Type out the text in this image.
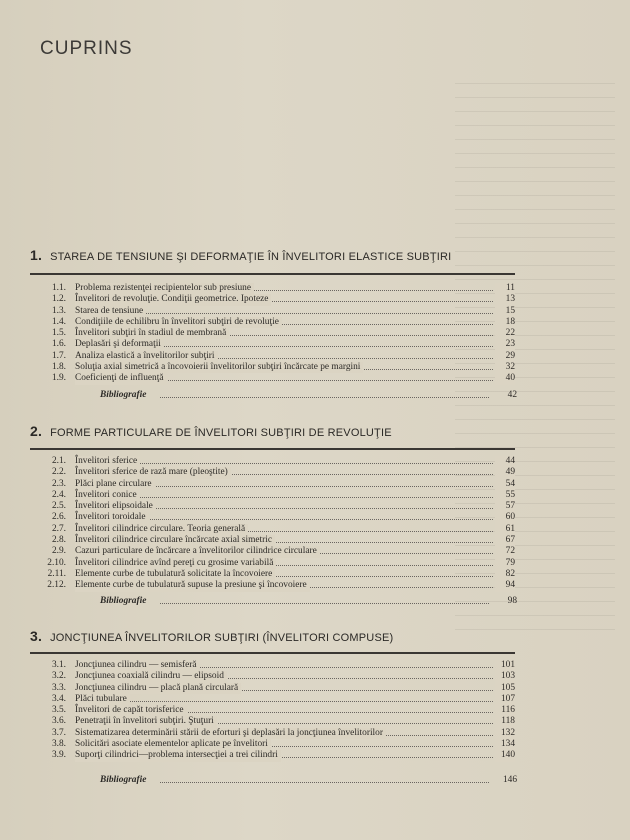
CUPRINS
1. STAREA DE TENSIUNE ŞI DEFORMAŢIE ÎN ÎNVELITORI ELASTICE SUBŢIRI
1.1. Problema rezistenţei recipientelor sub presiune	11
1.2. Învelitori de revoluţie. Condiţii geometrice. Ipoteze	13
1.3. Starea de tensiune	15
1.4. Condiţiile de echilibru în învelitori subţiri de revoluţie	18
1.5. Învelitori subţiri în stadiul de membrană	22
1.6. Deplasări şi deformaţii	23
1.7. Analiza elastică a învelitorilor subţiri	29
1.8. Soluţia axial simetrică a încovoierii învelitorilor subţiri încărcate pe margini	32
1.9. Coeficienţi de influenţă	40
Bibliografie	42
2. FORME PARTICULARE DE ÎNVELITORI SUBŢIRI DE REVOLUŢIE
2.1. Învelitori sferice	44
2.2. Învelitori sferice de rază mare (pleoştite)	49
2.3. Plăci plane circulare	54
2.4. Învelitori conice	55
2.5. Învelitori elipsoidale	57
2.6. Învelitori toroidale	60
2.7. Învelitori cilindrice circulare. Teoria generală	61
2.8. Învelitori cilindrice circulare încărcate axial simetric	67
2.9. Cazuri particulare de încărcare a învelitorilor cilindrice circulare	72
2.10. Învelitori cilindrice avînd pereţi cu grosime variabilă	79
2.11. Elemente curbe de tubulatură solicitate la încovoiere	82
2.12. Elemente curbe de tubulatură supuse la presiune şi încovoiere	94
Bibliografie	98
3. JONCŢIUNEA ÎNVELITORILOR SUBŢIRI (ÎNVELITORI COMPUSE)
3.1. Joncţiunea cilindru — semisferă	101
3.2. Joncţiunea coaxială cilindru — elipsoid	103
3.3. Joncţiunea cilindru — placă plană circulară	105
3.4. Plăci tubulare	107
3.5. Învelitori de capăt torisferice	116
3.6. Penetraţii în învelitori subţiri. Ştuţuri	118
3.7. Sistematizarea determinării stării de eforturi şi deplasări la joncţiunea învelitorilor	132
3.8. Solicitări asociate elementelor aplicate pe învelitori	134
3.9. Suporţi cilindrici—problema intersecţiei a trei cilindri	140
Bibliografie	146
